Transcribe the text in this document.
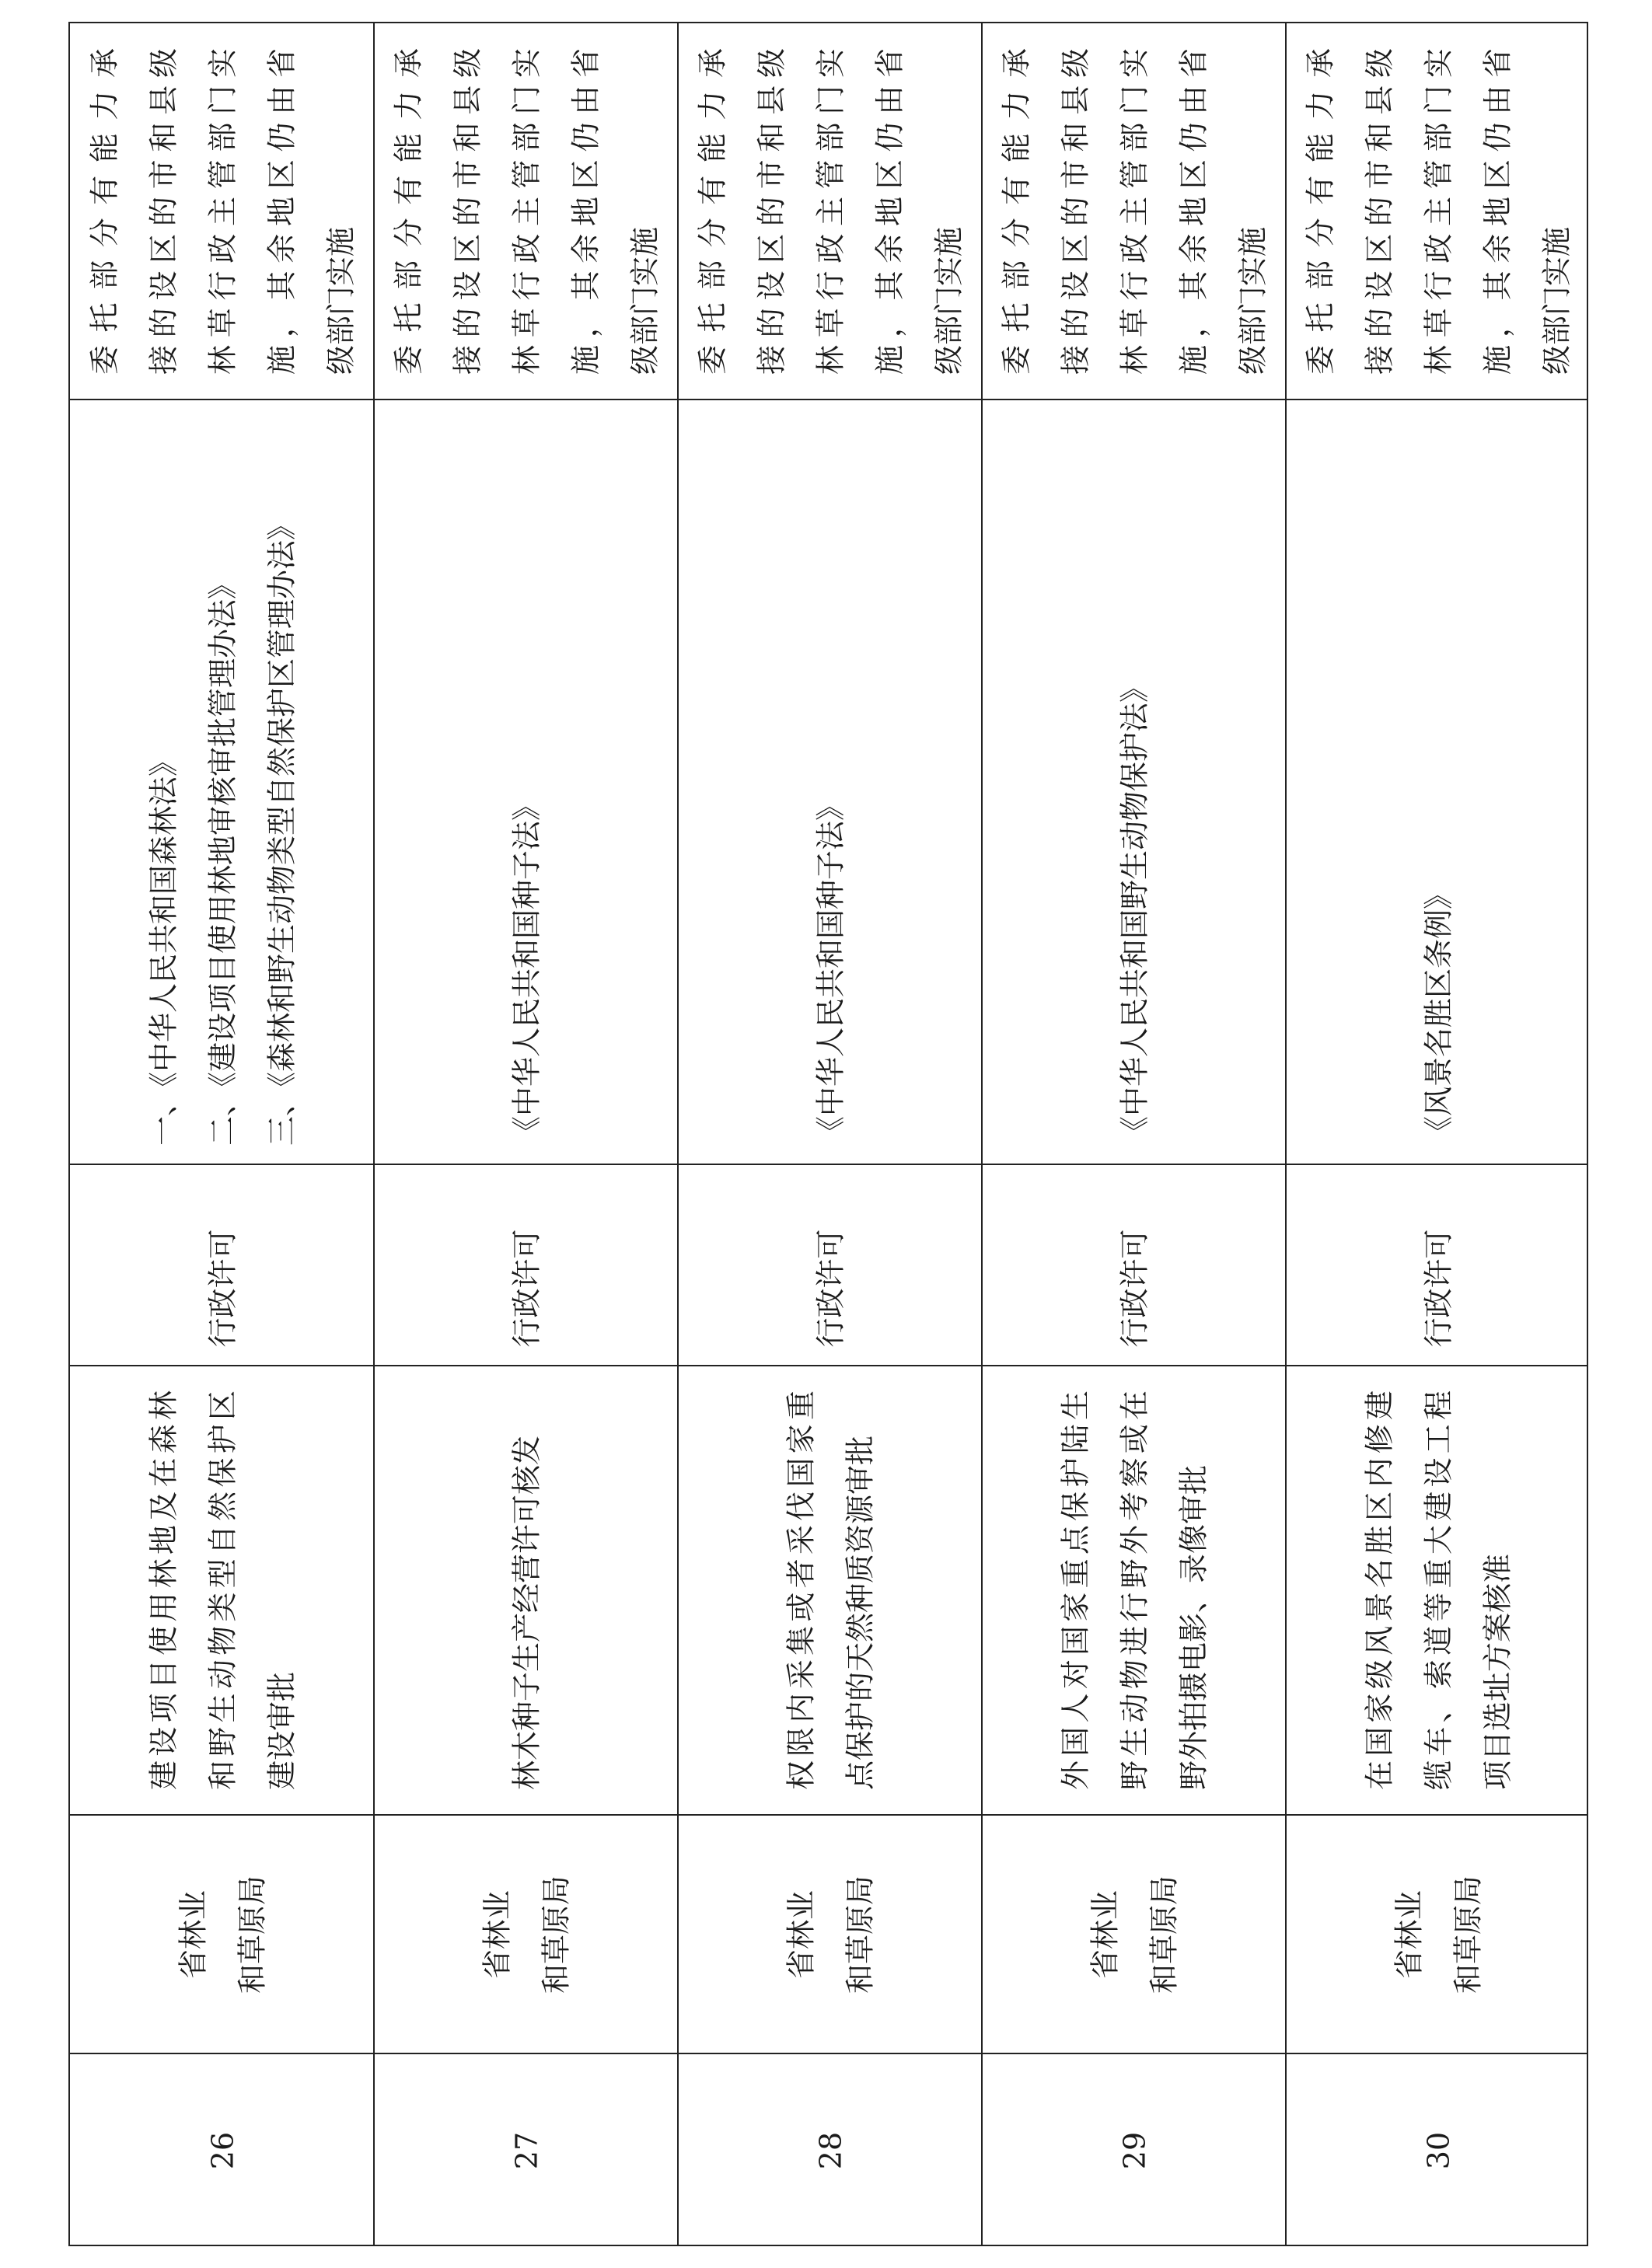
26

省林业 和草原局

建设项目使用林地及在森林 和野生动物类型自然保护区 建设审批

行政许可

一、《中华人民共和国森林法》 二、《建设项目使用林地审核审批管理办法》 三、《森林和野生动物类型自然保护区管理办法》

委托部分有能力承 接的设区的市和县级 林草行政主管部门实 施，其余地区仍由省 级部门实施

27

省林业 和草原局

林木种子生产经营许可核发

行政许可

《中华人民共和国种子法》

委托部分有能力承 接的设区的市和县级 林草行政主管部门实 施，其余地区仍由省 级部门实施

28

省林业 和草原局

权限内采集或者采伐国家重 点保护的天然种质资源审批

行政许可

《中华人民共和国种子法》

委托部分有能力承 接的设区的市和县级 林草行政主管部门实 施，其余地区仍由省 级部门实施

29

省林业 和草原局

外国人对国家重点保护陆生 野生动物进行野外考察或在 野外拍摄电影、录像审批

行政许可

《中华人民共和国野生动物保护法》

委托部分有能力承 接的设区的市和县级 林草行政主管部门实 施，其余地区仍由省 级部门实施

30

省林业 和草原局

在国家级风景名胜区内修建 缆车、索道等重大建设工程 项目选址方案核准

行政许可

《风景名胜区条例》

委托部分有能力承 接的设区的市和县级 林草行政主管部门实 施，其余地区仍由省 级部门实施
